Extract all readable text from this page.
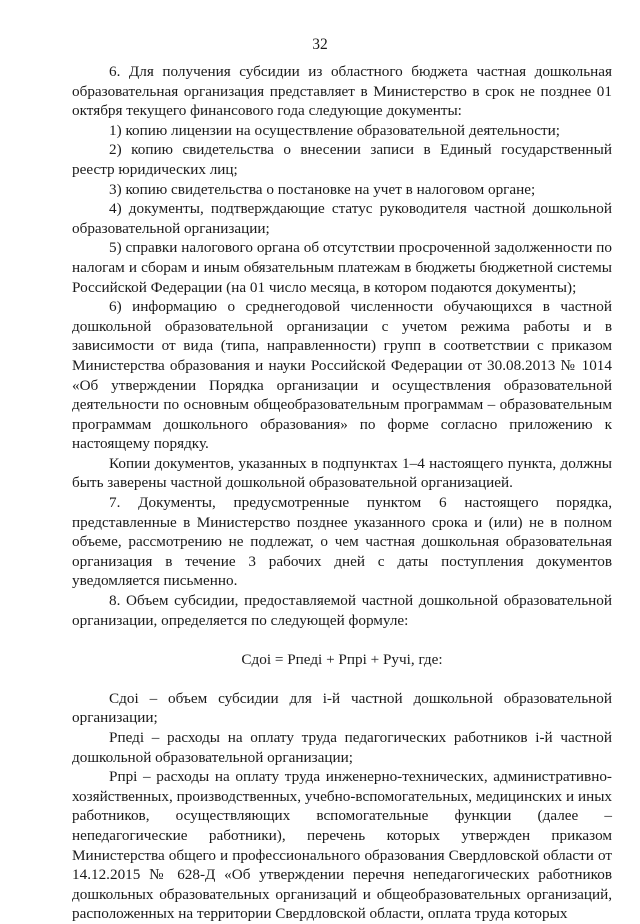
32

6. Для получения субсидии из областного бюджета частная дошкольная образовательная организация представляет в Министерство в срок не позднее 01 октября текущего финансового года следующие документы:

1) копию лицензии на осуществление образовательной деятельности;

2) копию свидетельства о внесении записи в Единый государственный реестр юридических лиц;

3) копию свидетельства о постановке на учет в налоговом органе;

4) документы, подтверждающие статус руководителя частной дошкольной образовательной организации;

5) справки налогового органа об отсутствии просроченной задолженности по налогам и сборам и иным обязательным платежам в бюджеты бюджетной системы Российской Федерации (на 01 число месяца, в котором подаются документы);

6) информацию о среднегодовой численности обучающихся в частной дошкольной образовательной организации с учетом режима работы и в зависимости от вида (типа, направленности) групп в соответствии с приказом Министерства образования и науки Российской Федерации от 30.08.2013 № 1014 «Об утверждении Порядка организации и осуществления образовательной деятельности по основным общеобразовательным программам – образовательным программам дошкольного образования» по форме согласно приложению к настоящему порядку.

Копии документов, указанных в подпунктах 1–4 настоящего пункта, должны быть заверены частной дошкольной образовательной организацией.

7. Документы, предусмотренные пунктом 6 настоящего порядка, представленные в Министерство позднее указанного срока и (или) не в полном объеме, рассмотрению не подлежат, о чем частная дошкольная образовательная организация в течение 3 рабочих дней с даты поступления документов уведомляется письменно.

8. Объем субсидии, предоставляемой частной дошкольной образовательной организации, определяется по следующей формуле:

Сдоi = Рпедi + Рпрi + Ручi, где:

Сдоi – объем субсидии для i-й частной дошкольной образовательной организации;

Рпедi – расходы на оплату труда педагогических работников i-й частной дошкольной образовательной организации;

Рпрi – расходы на оплату труда инженерно-технических, административно-хозяйственных, производственных, учебно-вспомогательных, медицинских и иных работников, осуществляющих вспомогательные функции (далее – непедагогические работники), перечень которых утвержден приказом Министерства общего и профессионального образования Свердловской области от 14.12.2015 № 628-Д «Об утверждении перечня непедагогических работников дошкольных образовательных организаций и общеобразовательных организаций, расположенных на территории Свердловской области, оплата труда которых
